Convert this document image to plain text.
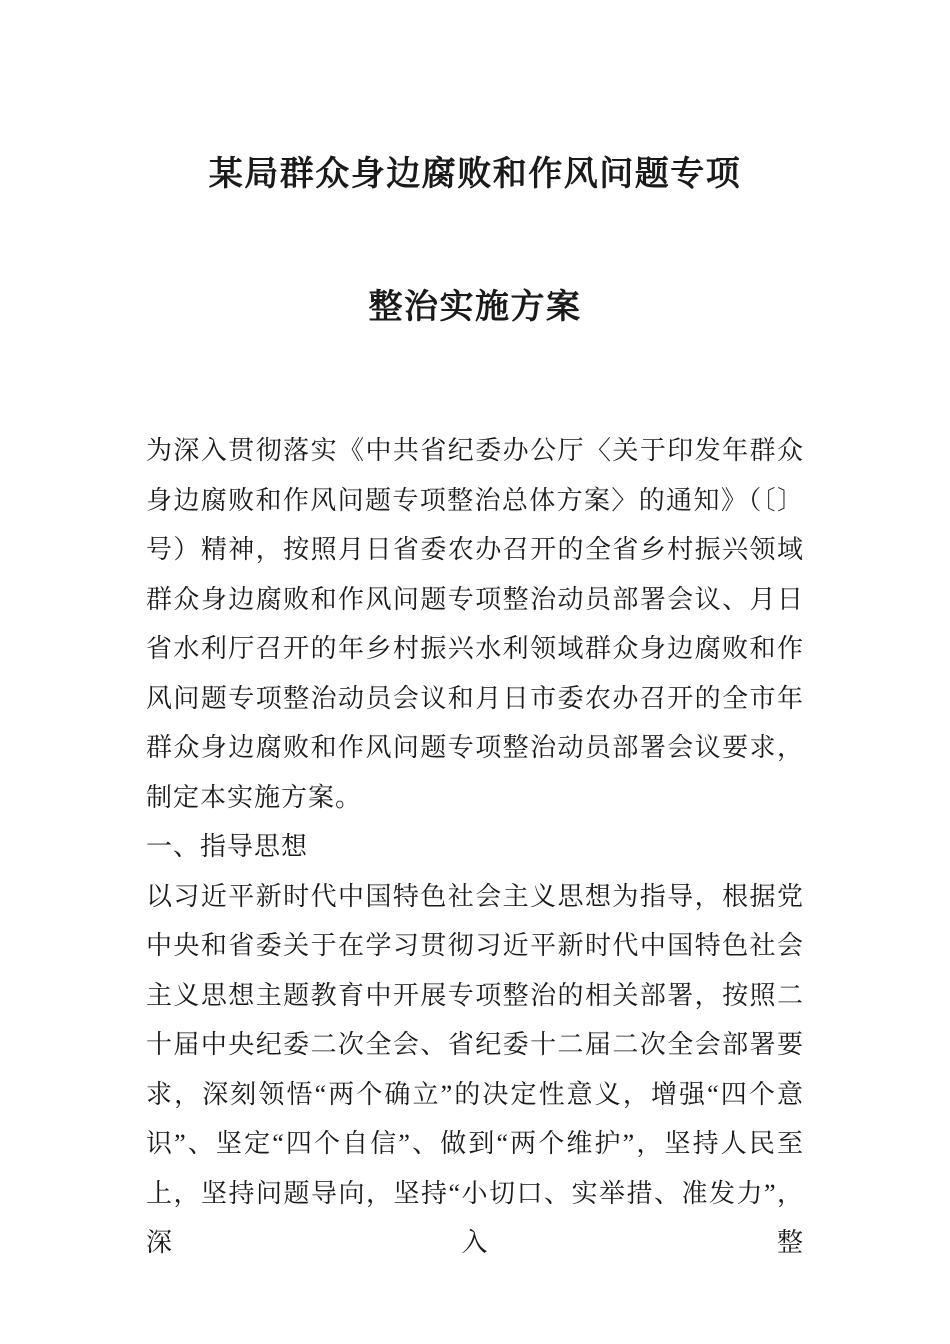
某局群众身边腐败和作风问题专项
整治实施方案

为深入贯彻落实《中共省纪委办公厅〈关于印发年群众身边腐败和作风问题专项整治总体方案〉的通知》（〔〕号）精神，按照月日省委农办召开的全省乡村振兴领域群众身边腐败和作风问题专项整治动员部署会议、月日省水利厅召开的年乡村振兴水利领域群众身边腐败和作风问题专项整治动员会议和月日市委农办召开的全市年群众身边腐败和作风问题专项整治动员部署会议要求，制定本实施方案。

一、指导思想

以习近平新时代中国特色社会主义思想为指导，根据党中央和省委关于在学习贯彻习近平新时代中国特色社会主义思想主题教育中开展专项整治的相关部署，按照二十届中央纪委二次全会、省纪委十二届二次全会部署要求，深刻领悟“两个确立”的决定性意义，增强“四个意识”、坚定“四个自信”、做到“两个维护”，坚持人民至上，坚持问题导向，坚持“小切口、实举措、准发力”，深入整
